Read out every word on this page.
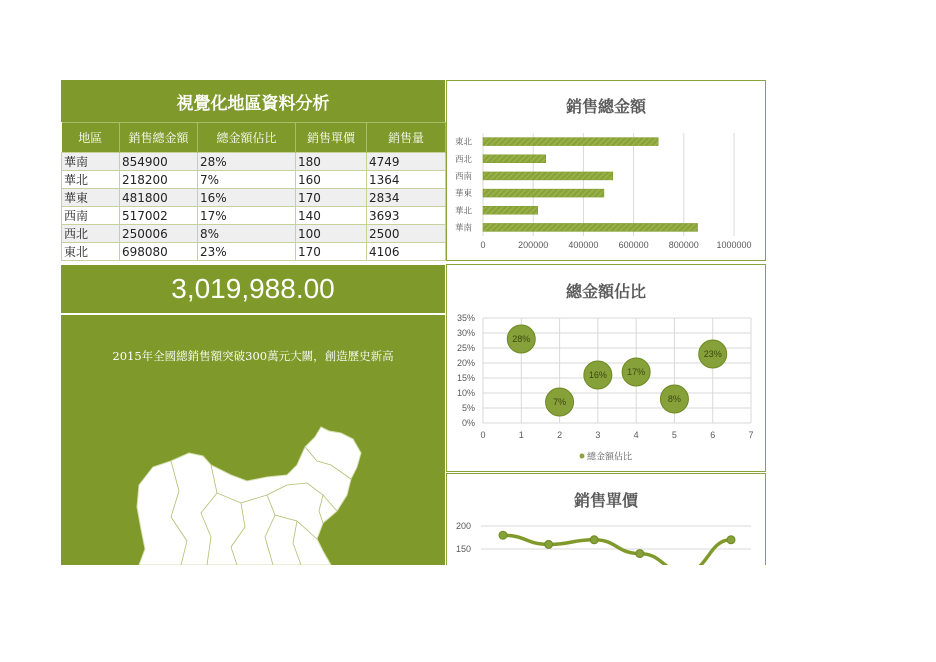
視覺化地區資料分析
地區	銷售總金額	總金額佔比	銷售單價	銷售量
華南	854900	28%	180	4749
華北	218200	7%	160	1364
華東	481800	16%	170	2834
西南	517002	17%	140	3693
西北	250006	8%	100	2500
東北	698080	23%	170	4106
3,019,988.00
2015年全國總銷售額突破300萬元大關，創造歷史新高
銷售總金額
0	200000 400000 600000 800000 1000000
東北
西北
西南
華東
華北
華南
總金額佔比
0%
5%
10%
15%
20%
25%
30%
35%
0	1	2	3	4	5	6	7
28%
7%
16% 17%
8%
23%
總金額佔比
銷售單價
150
200
